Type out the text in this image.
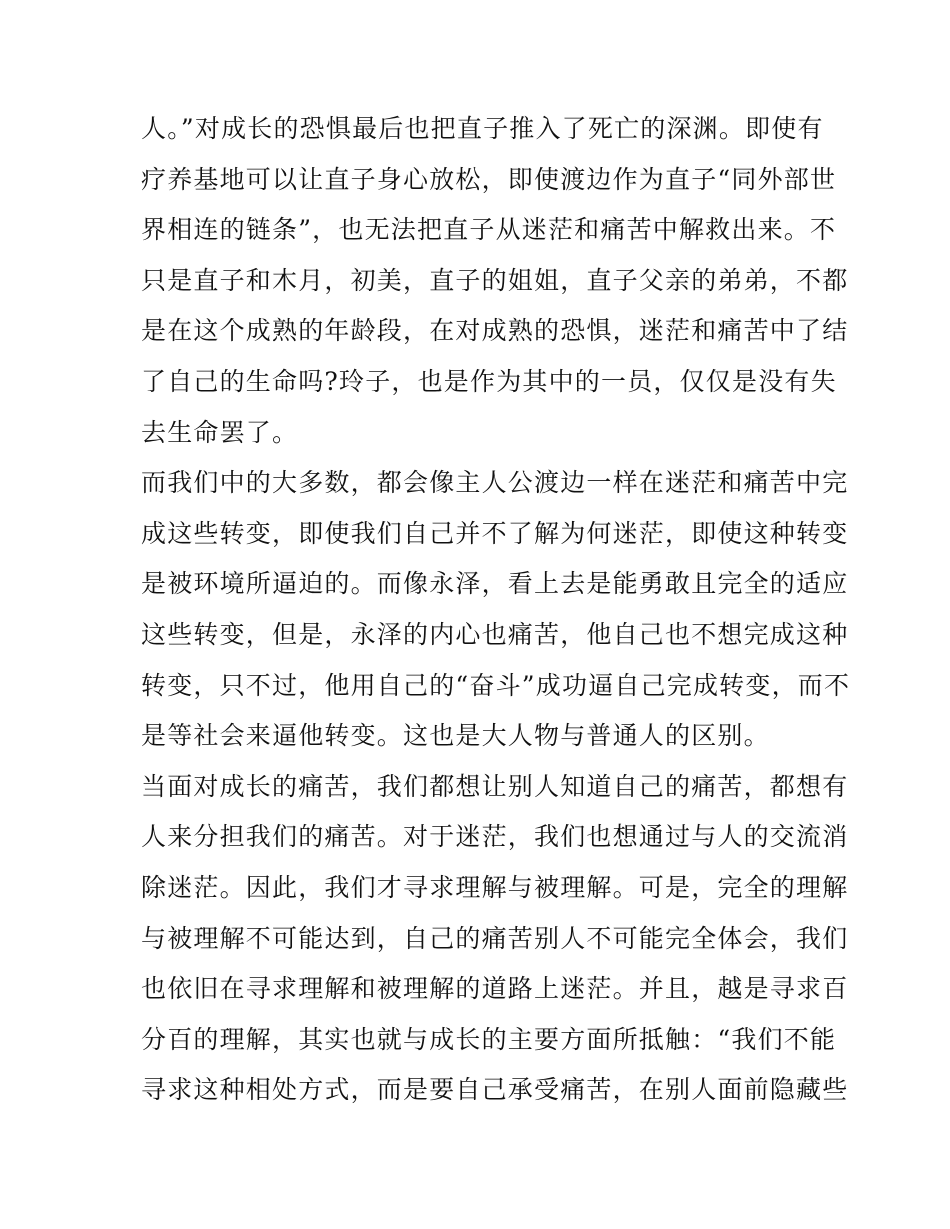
人。”对成长的恐惧最后也把直子推入了死亡的深渊。即使有
疗养基地可以让直子身心放松，即使渡边作为直子“同外部世
界相连的链条”，也无法把直子从迷茫和痛苦中解救出来。不
只是直子和木月，初美，直子的姐姐，直子父亲的弟弟，不都
是在这个成熟的年龄段，在对成熟的恐惧，迷茫和痛苦中了结
了自己的生命吗?玲子，也是作为其中的一员，仅仅是没有失
去生命罢了。
而我们中的大多数，都会像主人公渡边一样在迷茫和痛苦中完
成这些转变，即使我们自己并不了解为何迷茫，即使这种转变
是被环境所逼迫的。而像永泽，看上去是能勇敢且完全的适应
这些转变，但是，永泽的内心也痛苦，他自己也不想完成这种
转变，只不过，他用自己的“奋斗”成功逼自己完成转变，而不
是等社会来逼他转变。这也是大人物与普通人的区别。
当面对成长的痛苦，我们都想让别人知道自己的痛苦，都想有
人来分担我们的痛苦。对于迷茫，我们也想通过与人的交流消
除迷茫。因此，我们才寻求理解与被理解。可是，完全的理解
与被理解不可能达到，自己的痛苦别人不可能完全体会，我们
也依旧在寻求理解和被理解的道路上迷茫。并且，越是寻求百
分百的理解，其实也就与成长的主要方面所抵触：“我们不能
寻求这种相处方式，而是要自己承受痛苦，在别人面前隐藏些
